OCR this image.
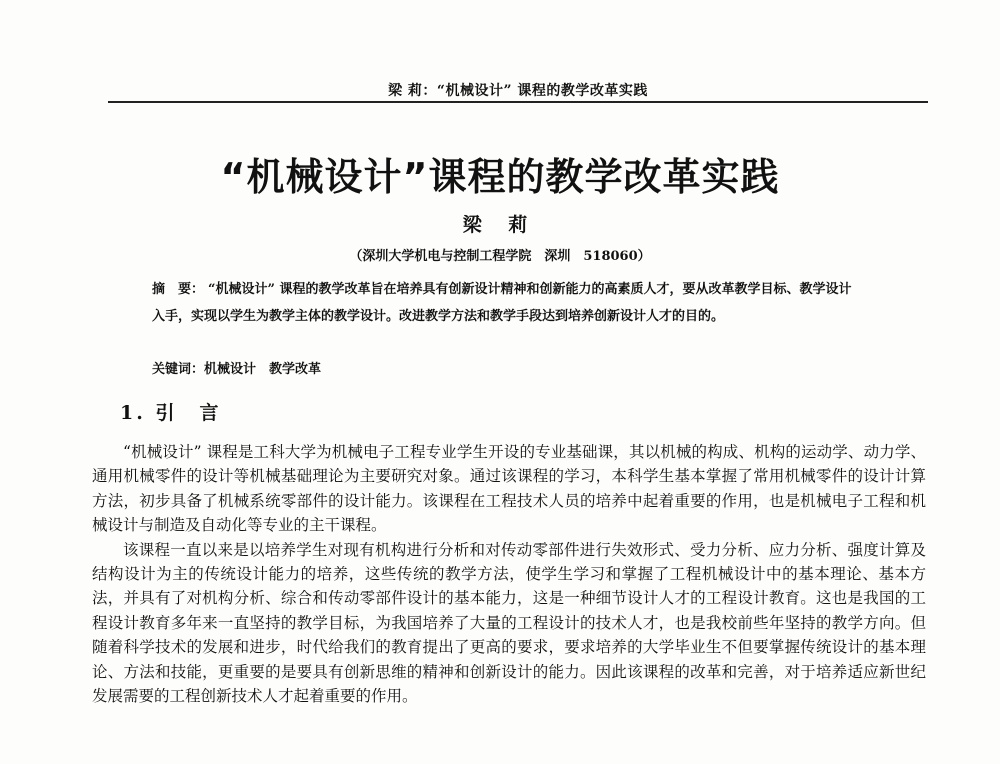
梁 莉：“机械设计” 课程的教学改革实践
“机械设计”课程的教学改革实践
梁 莉
（深圳大学机电与控制工程学院　深圳　518060）
摘　要： “机械设计” 课程的教学改革旨在培养具有创新设计精神和创新能力的高素质人才，要从改革教学目标、教学设计入手，实现以学生为教学主体的教学设计。改进教学方法和教学手段达到培养创新设计人才的目的。
关键词：机械设计　教学改革
1. 引　言

“机械设计” 课程是工科大学为机械电子工程专业学生开设的专业基础课，其以机械的构成、机构的运动学、动力学、通用机械零件的设计等机械基础理论为主要研究对象。通过该课程的学习，本科学生基本掌握了常用机械零件的设计计算方法，初步具备了机械系统零部件的设计能力。该课程在工程技术人员的培养中起着重要的作用，也是机械电子工程和机械设计与制造及自动化等专业的主干课程。

该课程一直以来是以培养学生对现有机构进行分析和对传动零部件进行失效形式、受力分析、应力分析、强度计算及结构设计为主的传统设计能力的培养，这些传统的教学方法，使学生学习和掌握了工程机械设计中的基本理论、基本方法，并具有了对机构分析、综合和传动零部件设计的基本能力，这是一种细节设计人才的工程设计教育。这也是我国的工程设计教育多年来一直坚持的教学目标，为我国培养了大量的工程设计的技术人才，也是我校前些年坚持的教学方向。但随着科学技术的发展和进步，时代给我们的教育提出了更高的要求，要求培养的大学毕业生不但要掌握传统设计的基本理论、方法和技能，更重要的是要具有创新思维的精神和创新设计的能力。因此该课程的改革和完善，对于培养适应新世纪发展需要的工程创新技术人才起着重要的作用。
